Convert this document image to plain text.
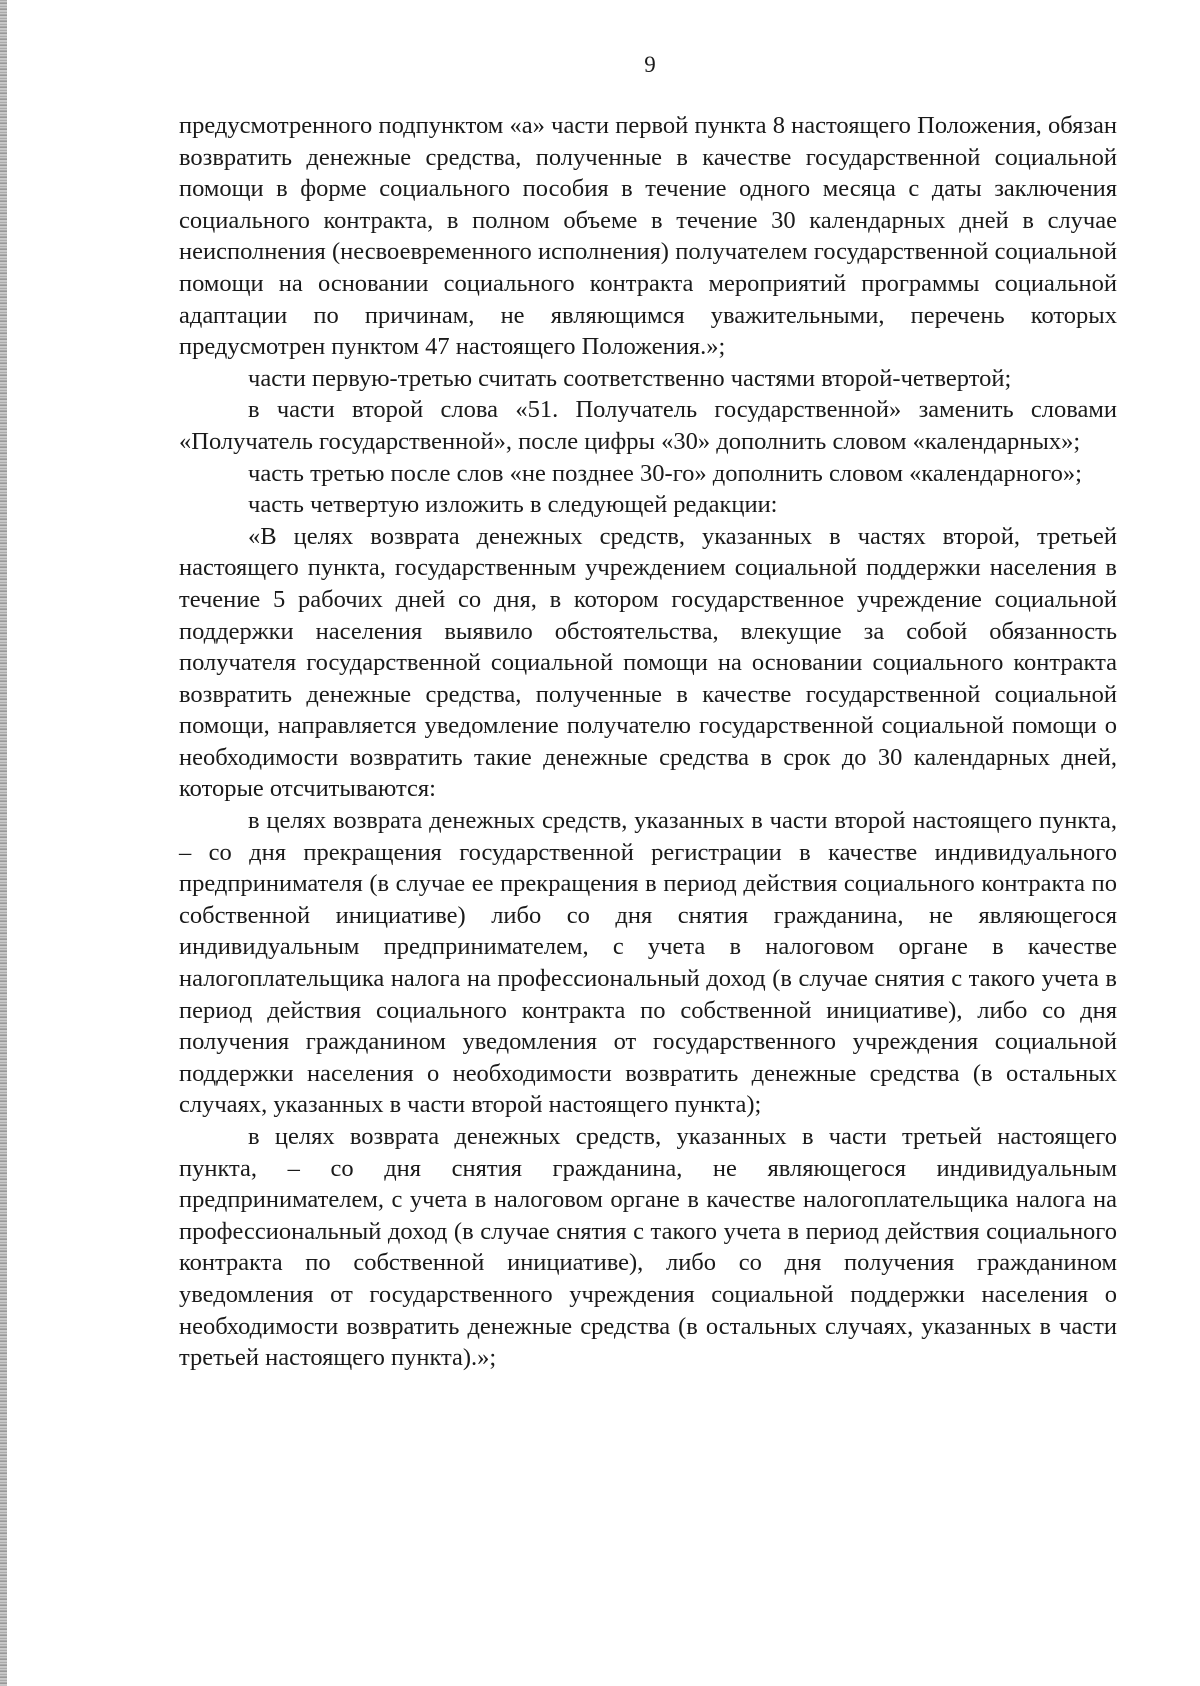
9

предусмотренного подпунктом «а» части первой пункта 8 настоящего Положения, обязан возвратить денежные средства, полученные в качестве государственной социальной помощи в форме социального пособия в течение одного месяца с даты заключения социального контракта, в полном объеме в течение 30 календарных дней в случае неисполнения (несвоевременного исполнения) получателем государственной социальной помощи на основании социального контракта мероприятий программы социальной адаптации по причинам, не являющимся уважительными, перечень которых предусмотрен пунктом 47 настоящего Положения.»;

части первую-третью считать соответственно частями второй-четвертой;

в части второй слова «51. Получатель государственной» заменить словами «Получатель государственной», после цифры «30» дополнить словом «календарных»;

часть третью после слов «не позднее 30-го» дополнить словом «календарного»;

часть четвертую изложить в следующей редакции:

«В целях возврата денежных средств, указанных в частях второй, третьей настоящего пункта, государственным учреждением социальной поддержки населения в течение 5 рабочих дней со дня, в котором государственное учреждение социальной поддержки населения выявило обстоятельства, влекущие за собой обязанность получателя государственной социальной помощи на основании социального контракта возвратить денежные средства, полученные в качестве государственной социальной помощи, направляется уведомление получателю государственной социальной помощи о необходимости возвратить такие денежные средства в срок до 30 календарных дней, которые отсчитываются:

в целях возврата денежных средств, указанных в части второй настоящего пункта, – со дня прекращения государственной регистрации в качестве индивидуального предпринимателя (в случае ее прекращения в период действия социального контракта по собственной инициативе) либо со дня снятия гражданина, не являющегося индивидуальным предпринимателем, с учета в налоговом органе в качестве налогоплательщика налога на профессиональный доход (в случае снятия с такого учета в период действия социального контракта по собственной инициативе), либо со дня получения гражданином уведомления от государственного учреждения социальной поддержки населения о необходимости возвратить денежные средства (в остальных случаях, указанных в части второй настоящего пункта);

в целях возврата денежных средств, указанных в части третьей настоящего пункта, – со дня снятия гражданина, не являющегося индивидуальным предпринимателем, с учета в налоговом органе в качестве налогоплательщика налога на профессиональный доход (в случае снятия с такого учета в период действия социального контракта по собственной инициативе), либо со дня получения гражданином уведомления от государственного учреждения социальной поддержки населения о необходимости возвратить денежные средства (в остальных случаях, указанных в части третьей настоящего пункта).»;
